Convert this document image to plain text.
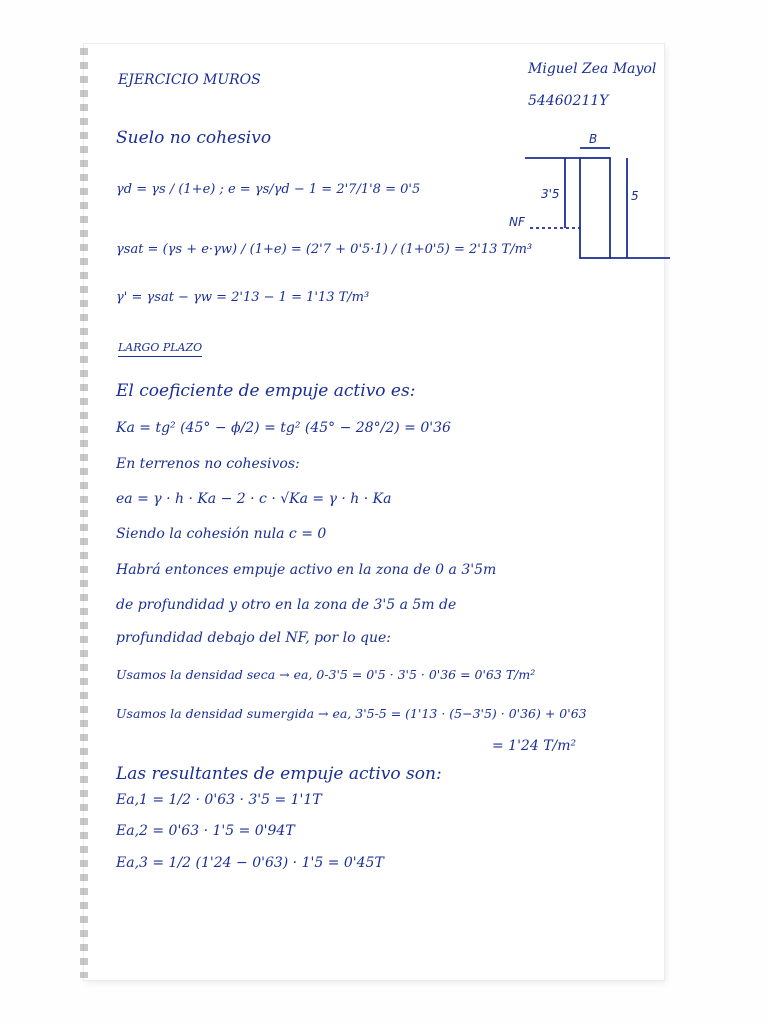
EJERCICIO MUROS
Miguel Zea Mayol
54460211Y
Suelo no cohesivo
γd = γs / (1+e) ; e = γs/γd − 1 = 2'7/1'8 = 0'5
γsat = (γs + e·γw) / (1+e) = (2'7 + 0'5·1) / (1+0'5) = 2'13 T/m³
γ' = γsat − γw = 2'13 − 1 = 1'13 T/m³
B
3'5	5
NF
LARGO PLAZO
El coeficiente de empuje activo es:
Ka = tg² (45° − ϕ/2) = tg² (45° − 28°/2) = 0'36
En terrenos no cohesivos:
ea = γ · h · Ka − 2 · c · √Ka = γ · h · Ka
Siendo la cohesión nula c = 0
Habrá entonces empuje activo en la zona de 0 a 3'5m
de profundidad y otro en la zona de 3'5 a 5m de
profundidad debajo del NF, por lo que:
Usamos la densidad seca → ea, 0-3'5 = 0'5 · 3'5 · 0'36 = 0'63 T/m²
Usamos la densidad sumergida → ea, 3'5-5 = (1'13 · (5−3'5) · 0'36) + 0'63
= 1'24 T/m²
Las resultantes de empuje activo son:
Ea,1 = 1/2 · 0'63 · 3'5 = 1'1T
Ea,2 = 0'63 · 1'5 = 0'94T
Ea,3 = 1/2 (1'24 − 0'63) · 1'5 = 0'45T
